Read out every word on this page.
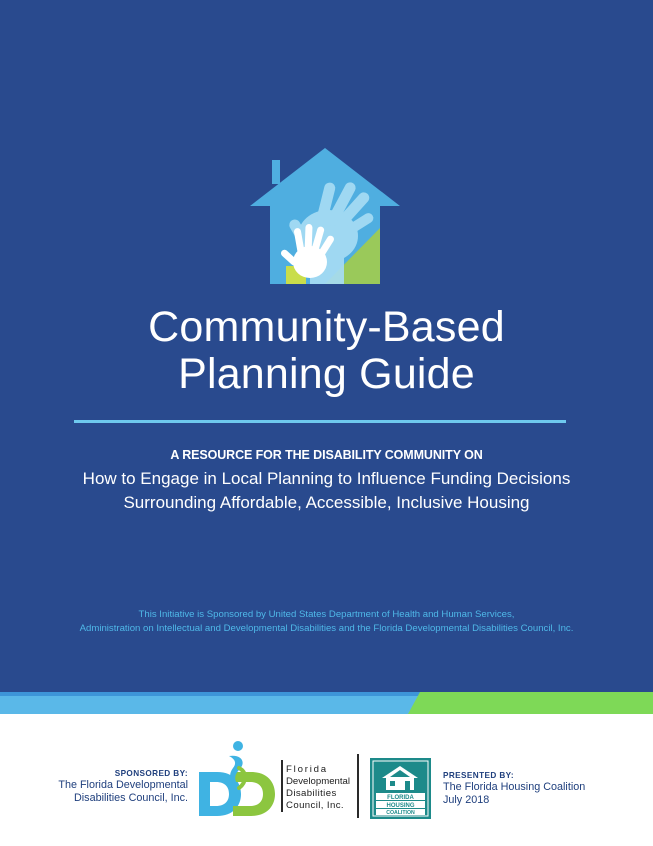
Community-Based
Planning Guide
A RESOURCE FOR THE DISABILITY COMMUNITY ON
How to Engage in Local Planning to Influence Funding Decisions
Surrounding Affordable, Accessible, Inclusive Housing
This Initiative is Sponsored by United States Department of Health and Human Services,
Administration on Intellectual and Developmental Disabilities and the Florida Developmental Disabilities Council, Inc.
SPONSORED BY:
The Florida Developmental
Disabilities Council, Inc.
Florida
Developmental
Disabilities
Council, Inc.
FLORIDA
HOUSING
COALITION
PRESENTED BY:
The Florida Housing Coalition
July 2018
